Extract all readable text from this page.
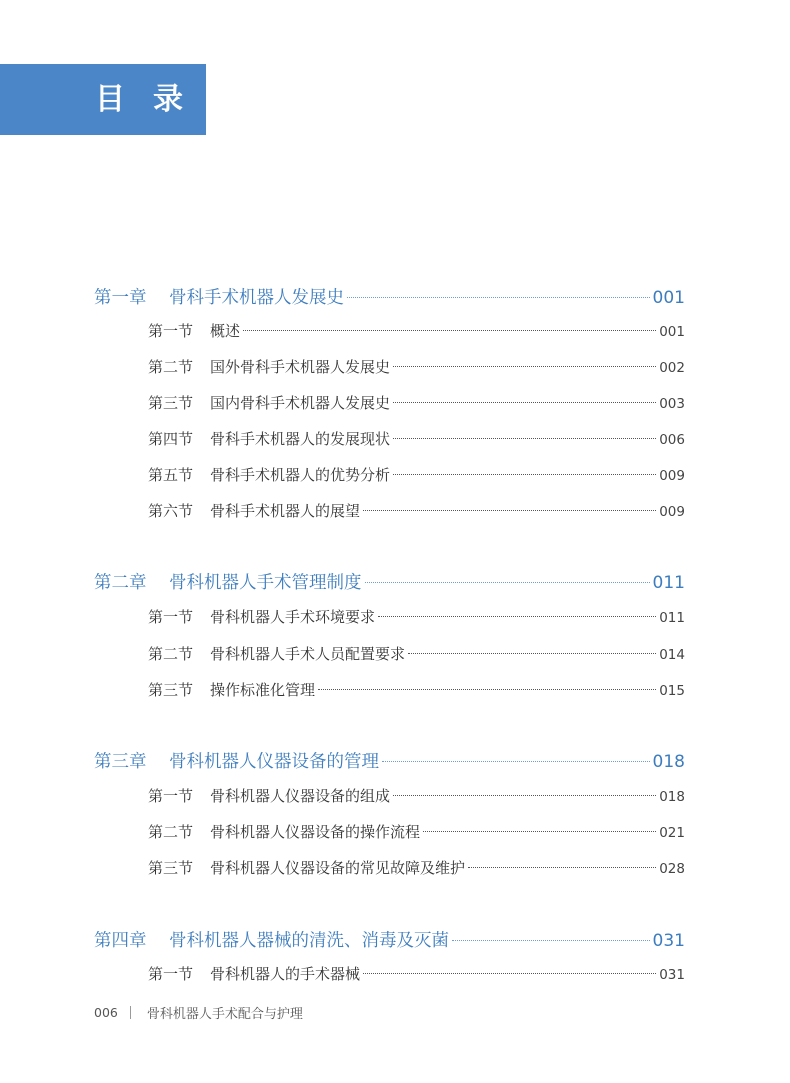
目 录
第一章	骨科手术机器人发展史	001
第一节	概述	001
第二节	国外骨科手术机器人发展史	002
第三节	国内骨科手术机器人发展史	003
第四节	骨科手术机器人的发展现状	006
第五节	骨科手术机器人的优势分析	009
第六节	骨科手术机器人的展望	009
第二章	骨科机器人手术管理制度	011
第一节	骨科机器人手术环境要求	011
第二节	骨科机器人手术人员配置要求	014
第三节	操作标准化管理	015
第三章	骨科机器人仪器设备的管理	018
第一节	骨科机器人仪器设备的组成	018
第二节	骨科机器人仪器设备的操作流程	021
第三节	骨科机器人仪器设备的常见故障及维护	028
第四章	骨科机器人器械的清洗、消毒及灭菌	031
第一节	骨科机器人的手术器械	031
006 骨科机器人手术配合与护理
